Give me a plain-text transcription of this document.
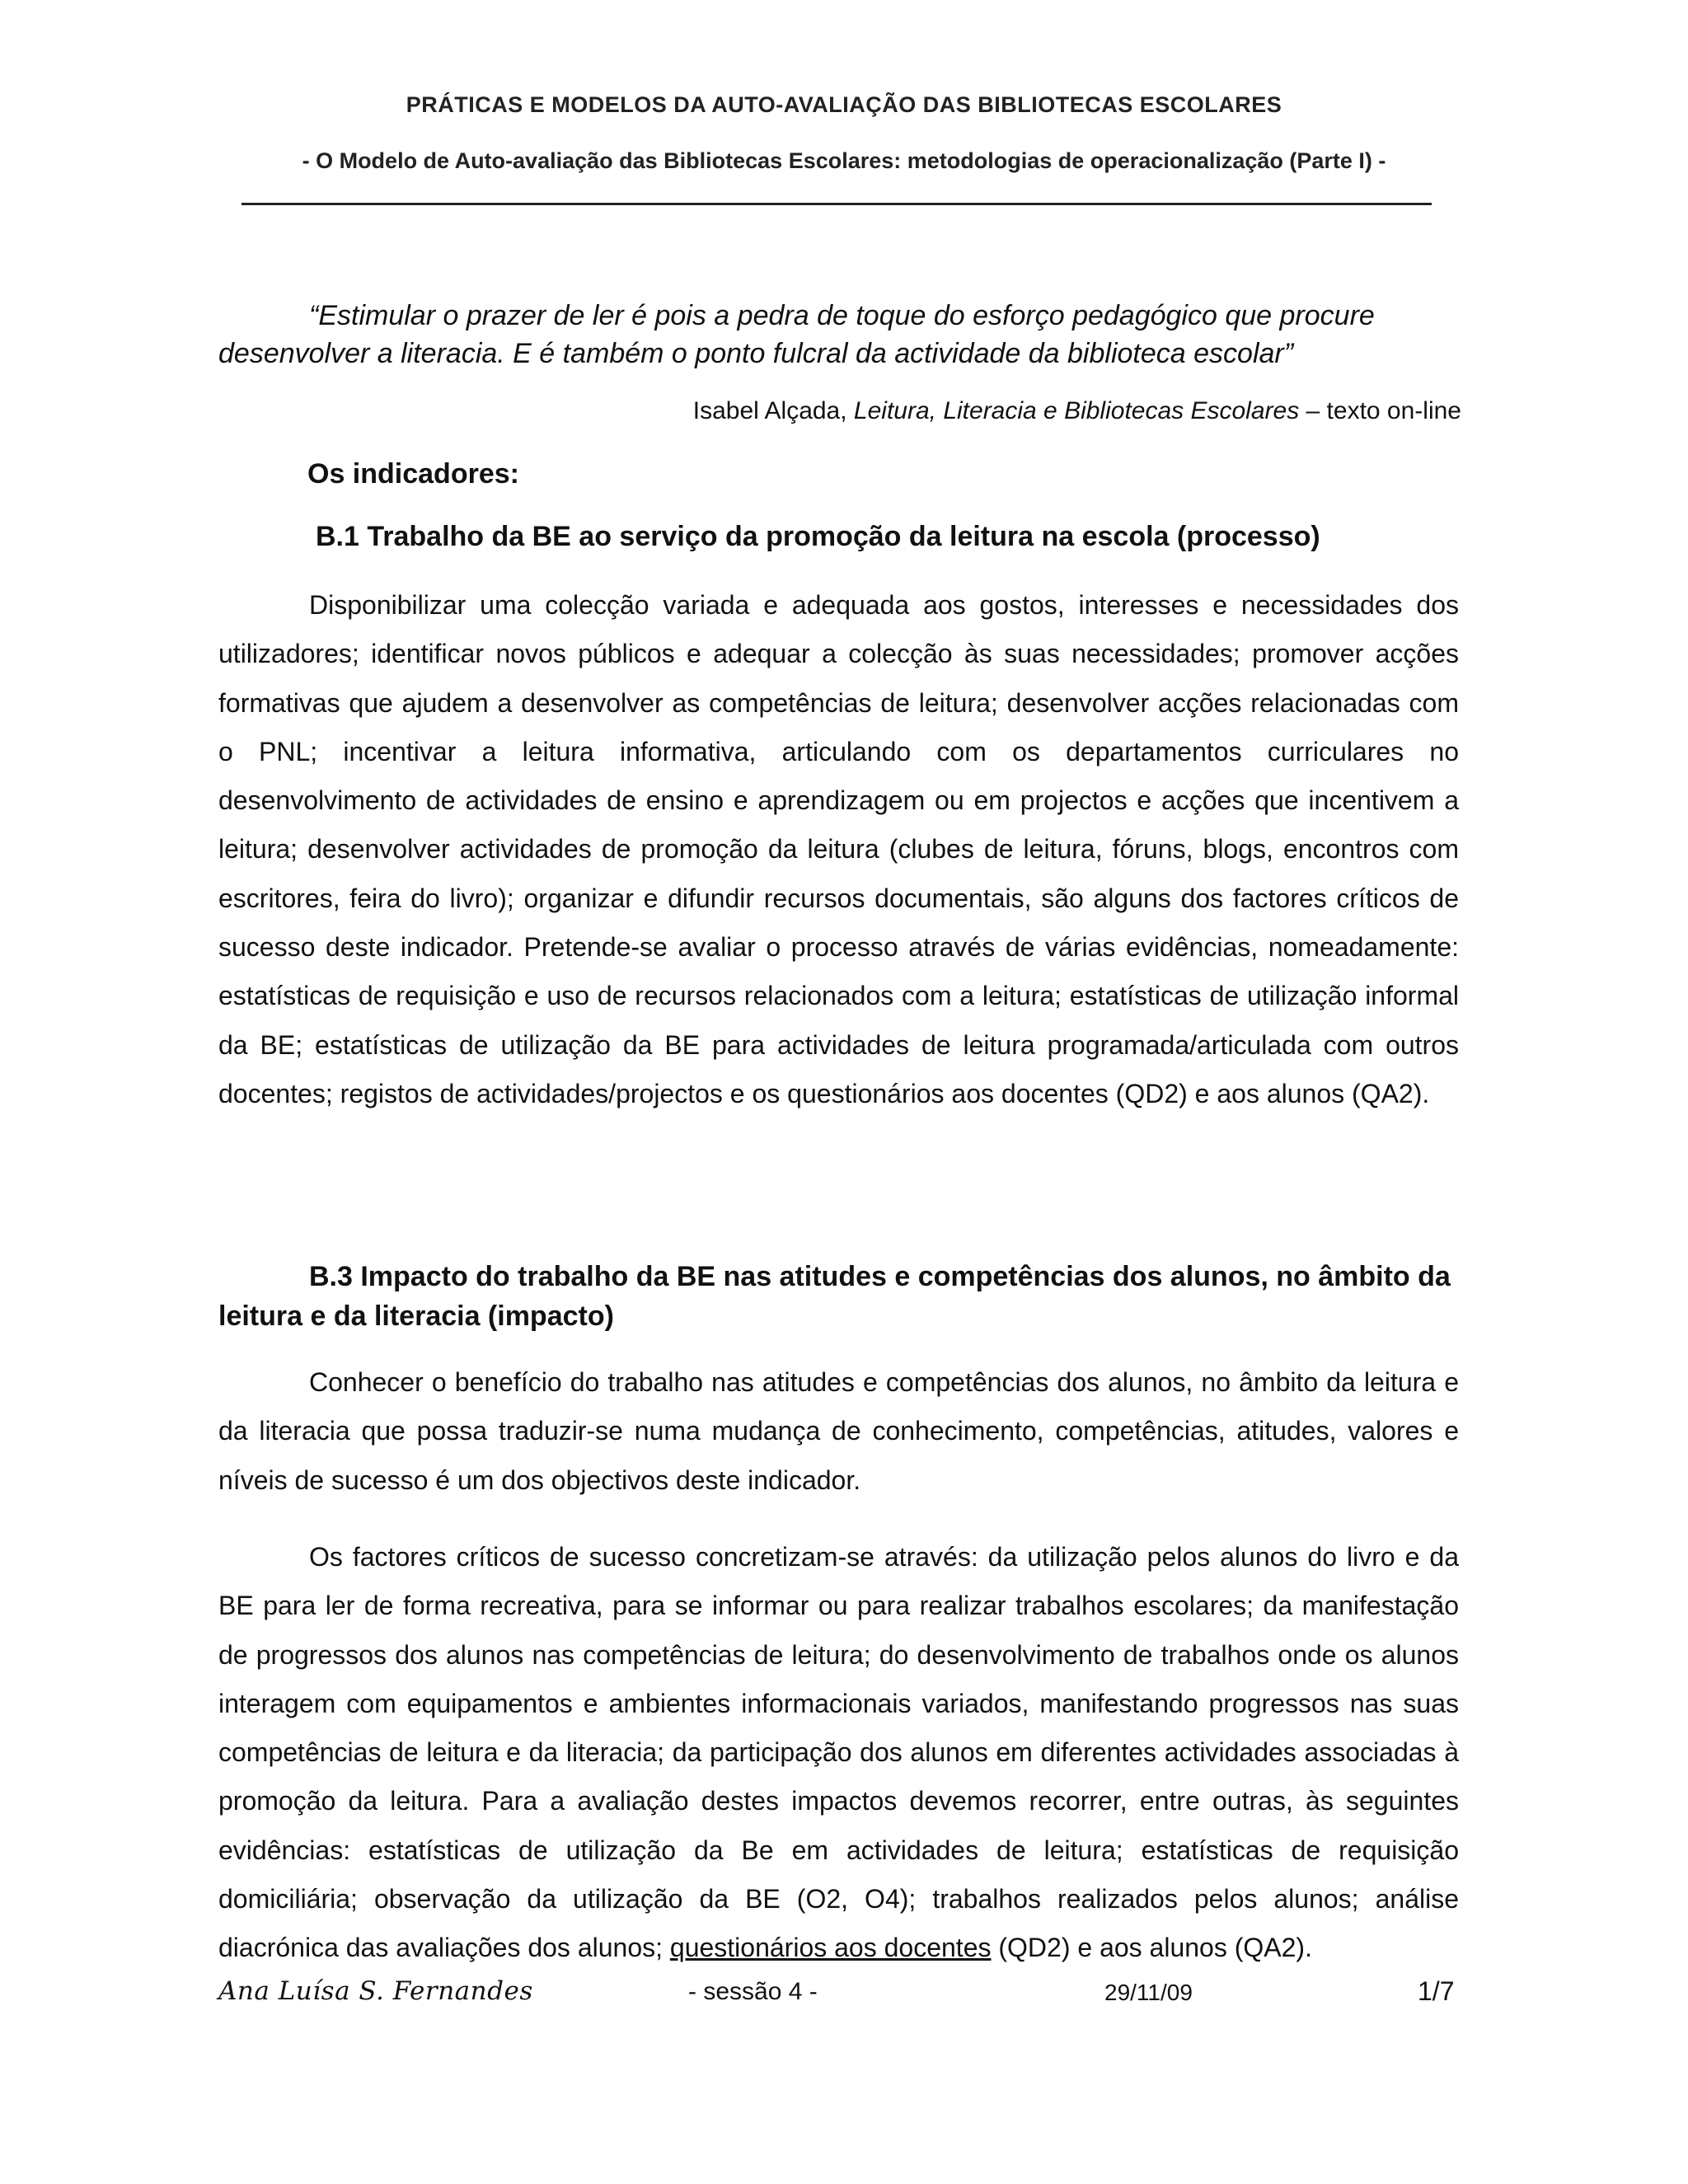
PRÁTICAS E MODELOS DA AUTO-AVALIAÇÃO DAS BIBLIOTECAS ESCOLARES
- O Modelo de Auto-avaliação das Bibliotecas Escolares: metodologias de operacionalização (Parte I) -

“Estimular o prazer de ler é pois a pedra de toque do esforço pedagógico que procure desenvolver a literacia. E é também o ponto fulcral da actividade da biblioteca escolar”

Isabel Alçada, Leitura, Literacia e Bibliotecas Escolares – texto on-line
Os indicadores:
B.1 Trabalho da BE ao serviço da promoção da leitura na escola (processo)

Disponibilizar uma colecção variada e adequada aos gostos, interesses e necessidades dos utilizadores; identificar novos públicos e adequar a colecção às suas necessidades; promover acções formativas que ajudem a desenvolver as competências de leitura; desenvolver acções relacionadas com o PNL; incentivar a leitura informativa, articulando com os departamentos curriculares no desenvolvimento de actividades de ensino e aprendizagem ou em projectos e acções que incentivem a leitura; desenvolver actividades de promoção da leitura (clubes de leitura, fóruns, blogs, encontros com escritores, feira do livro); organizar e difundir recursos documentais, são alguns dos factores críticos de sucesso deste indicador. Pretende-se avaliar o processo através de várias evidências, nomeadamente: estatísticas de requisição e uso de recursos relacionados com a leitura; estatísticas de utilização informal da BE; estatísticas de utilização da BE para actividades de leitura programada/articulada com outros docentes; registos de actividades/projectos e os questionários aos docentes (QD2) e aos alunos (QA2).

B.3 Impacto do trabalho da BE nas atitudes e competências dos alunos, no âmbito da leitura e da literacia (impacto)

Conhecer o benefício do trabalho nas atitudes e competências dos alunos, no âmbito da leitura e da literacia que possa traduzir-se numa mudança de conhecimento, competências, atitudes, valores e níveis de sucesso é um dos objectivos deste indicador.

Os factores críticos de sucesso concretizam-se através: da utilização pelos alunos do livro e da BE para ler de forma recreativa, para se informar ou para realizar trabalhos escolares; da manifestação de progressos dos alunos nas competências de leitura; do desenvolvimento de trabalhos onde os alunos interagem com equipamentos e ambientes informacionais variados, manifestando progressos nas suas competências de leitura e da literacia; da participação dos alunos em diferentes actividades associadas à promoção da leitura. Para a avaliação destes impactos devemos recorrer, entre outras, às seguintes evidências: estatísticas de utilização da Be em actividades de leitura; estatísticas de requisição domiciliária; observação da utilização da BE (O2, O4); trabalhos realizados pelos alunos; análise diacrónica das avaliações dos alunos; questionários aos docentes (QD2) e aos alunos (QA2).

Ana Luísa S. Fernandes	- sessão 4 -	29/11/09	1/7
